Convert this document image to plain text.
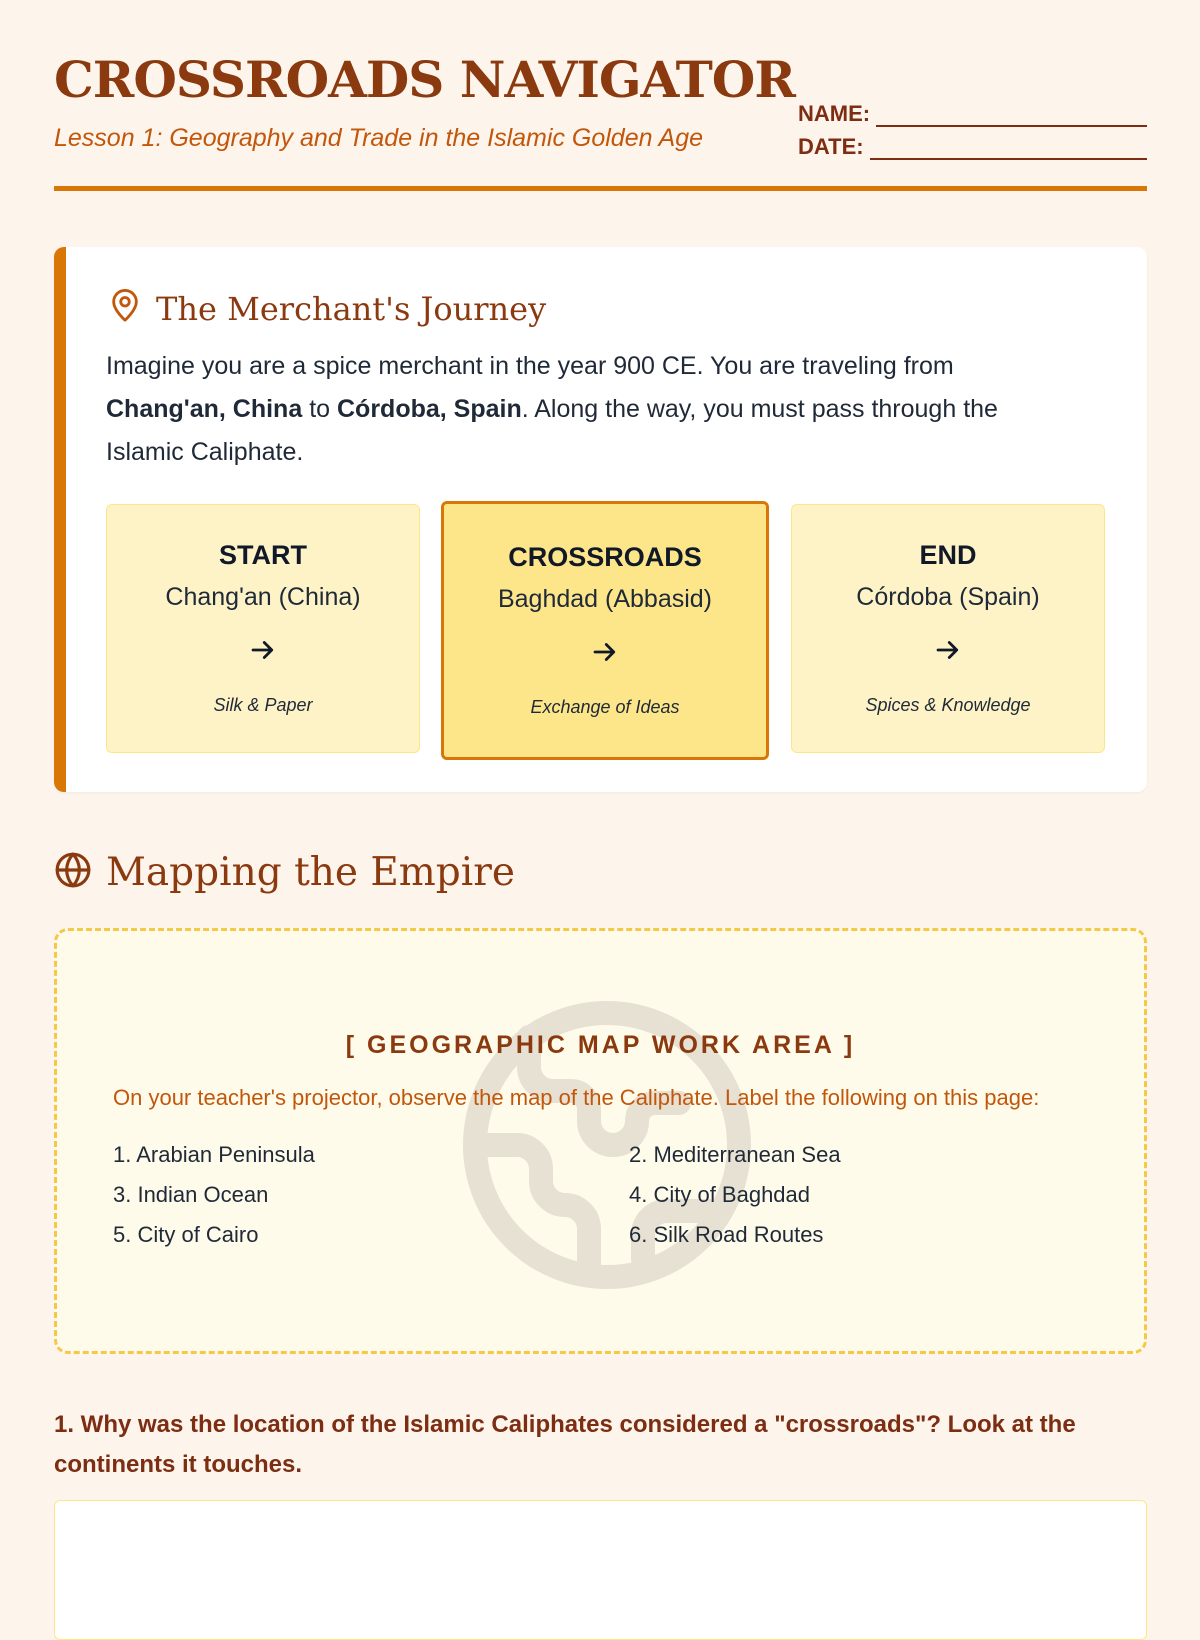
CROSSROADS NAVIGATOR
Lesson 1: Geography and Trade in the Islamic Golden Age
NAME:
DATE:
The Merchant's Journey
Imagine you are a spice merchant in the year 900 CE. You are traveling from Chang'an, China to Córdoba, Spain. Along the way, you must pass through the Islamic Caliphate.
START
Chang'an (China)
Silk & Paper
CROSSROADS
Baghdad (Abbasid)
Exchange of Ideas
END
Córdoba (Spain)
Spices & Knowledge
Mapping the Empire
[ GEOGRAPHIC MAP WORK AREA ]
On your teacher's projector, observe the map of the Caliphate. Label the following on this page:
1. Arabian Peninsula	2. Mediterranean Sea
3. Indian Ocean	4. City of Baghdad
5. City of Cairo	6. Silk Road Routes
1. Why was the location of the Islamic Caliphates considered a "crossroads"? Look at the continents it touches.
